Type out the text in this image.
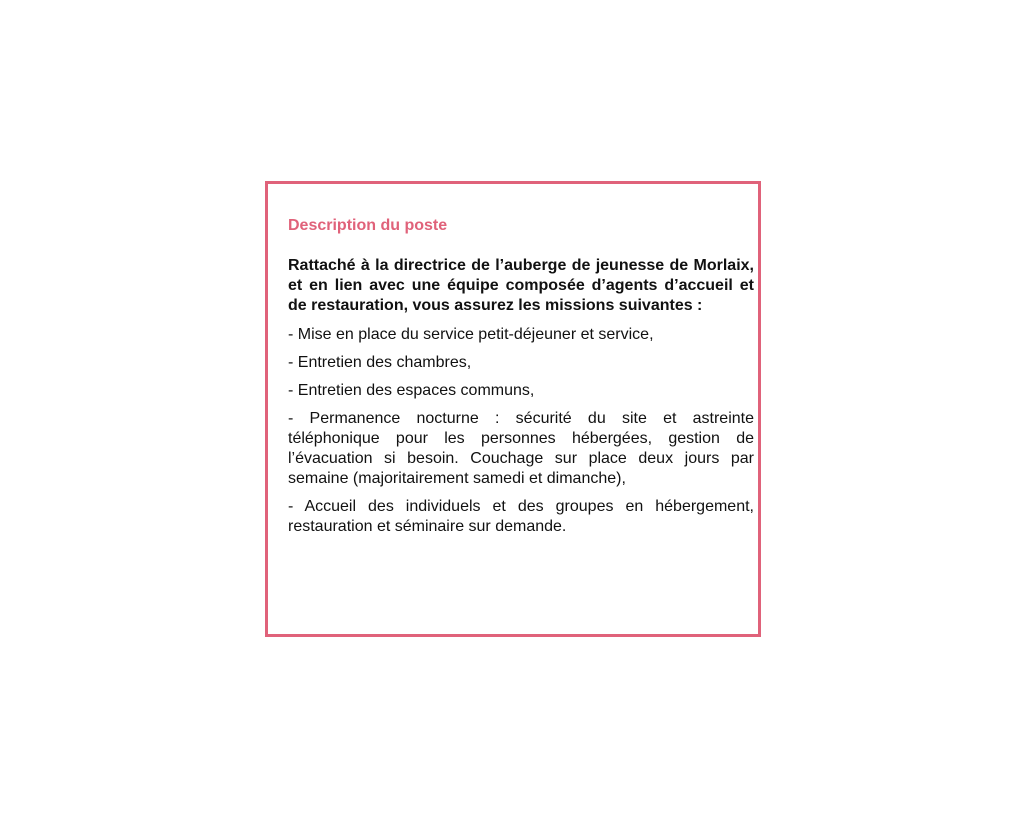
Description du poste

Rattaché à la directrice de l’auberge de jeunesse de Morlaix, et en lien avec une équipe composée d’agents d’accueil et de restauration, vous assurez les missions suivantes :

- Mise en place du service petit-déjeuner et service,
- Entretien des chambres,
- Entretien des espaces communs,
- Permanence nocturne : sécurité du site et astreinte téléphonique pour les personnes hébergées, gestion de l’évacuation si besoin. Couchage sur place deux jours par semaine (majoritairement samedi et dimanche),
- Accueil des individuels et des groupes en hébergement, restauration et séminaire sur demande.
